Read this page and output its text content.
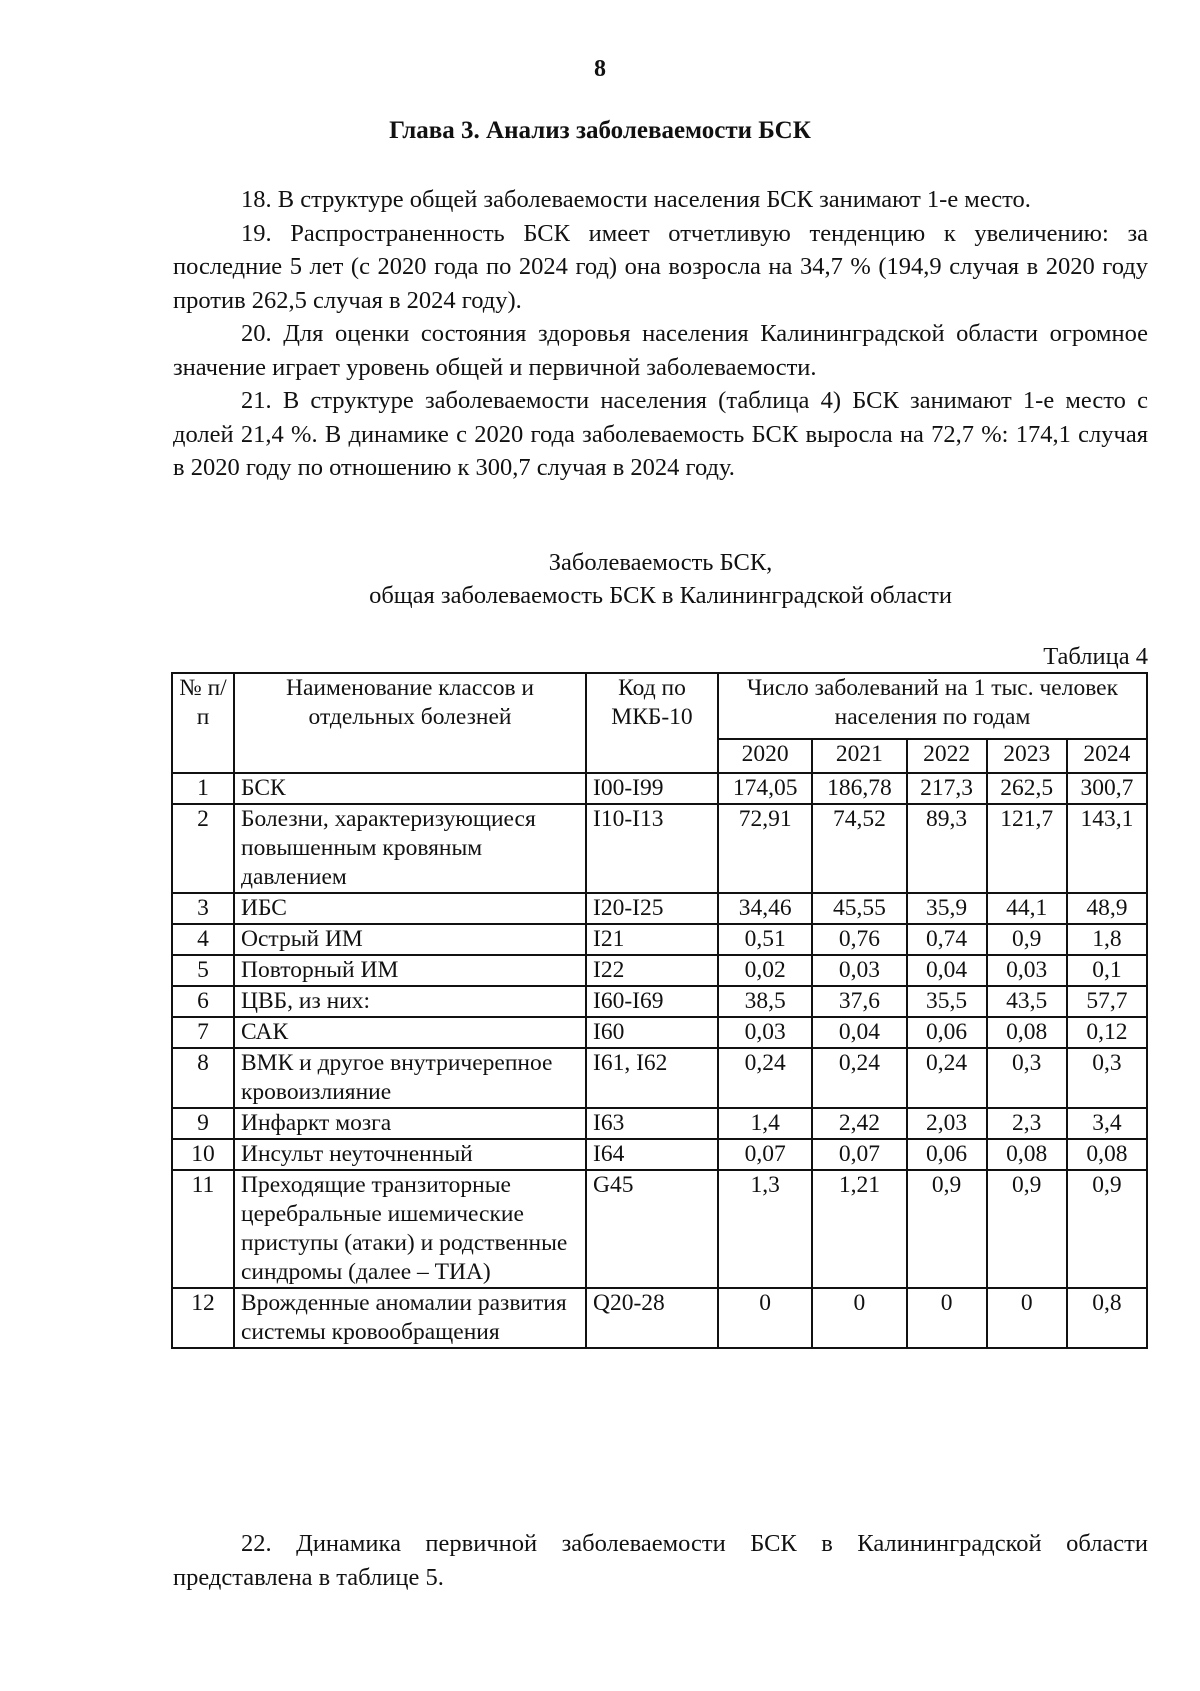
8
Глава 3. Анализ заболеваемости БСК

18. В структуре общей заболеваемости населения БСК занимают 1-е место.

19. Распространенность БСК имеет отчетливую тенденцию к увеличению: за последние 5 лет (с 2020 года по 2024 год) она возросла на 34,7 % (194,9 случая в 2020 году против 262,5 случая в 2024 году).

20. Для оценки состояния здоровья населения Калининградской области огромное значение играет уровень общей и первичной заболеваемости.

21. В структуре заболеваемости населения (таблица 4) БСК занимают 1-е место с долей 21,4 %. В динамике с 2020 года заболеваемость БСК выросла на 72,7 %: 174,1 случая в 2020 году по отношению к 300,7 случая в 2024 году.

Заболеваемость БСК,
общая заболеваемость БСК в Калининградской области
Таблица 4
№ п/п	Наименование классов и отдельных болезней	Код по МКБ-10	Число заболеваний на 1 тыс. человек населения по годам				
			2020	2021	2022	2023	2024
1	БСК	I00-I99	174,05	186,78	217,3	262,5	300,7
2	Болезни, характеризующиеся повышенным кровяным давлением	I10-I13	72,91	74,52	89,3	121,7	143,1
3	ИБС	I20-I25	34,46	45,55	35,9	44,1	48,9
4	Острый ИМ	I21	0,51	0,76	0,74	0,9	1,8
5	Повторный ИМ	I22	0,02	0,03	0,04	0,03	0,1
6	ЦВБ, из них:	I60-I69	38,5	37,6	35,5	43,5	57,7
7	САК	I60	0,03	0,04	0,06	0,08	0,12
8	ВМК и другое внутричерепное кровоизлияние	I61, I62	0,24	0,24	0,24	0,3	0,3
9	Инфаркт мозга	I63	1,4	2,42	2,03	2,3	3,4
10	Инсульт неуточненный	I64	0,07	0,07	0,06	0,08	0,08
11	Преходящие транзиторные церебральные ишемические приступы (атаки) и родственные синдромы (далее – ТИА)	G45	1,3	1,21	0,9	0,9	0,9
12	Врожденные аномалии развития системы кровообращения	Q20-28	0	0	0	0	0,8

22. Динамика первичной заболеваемости БСК в Калининградской области представлена в таблице 5.
